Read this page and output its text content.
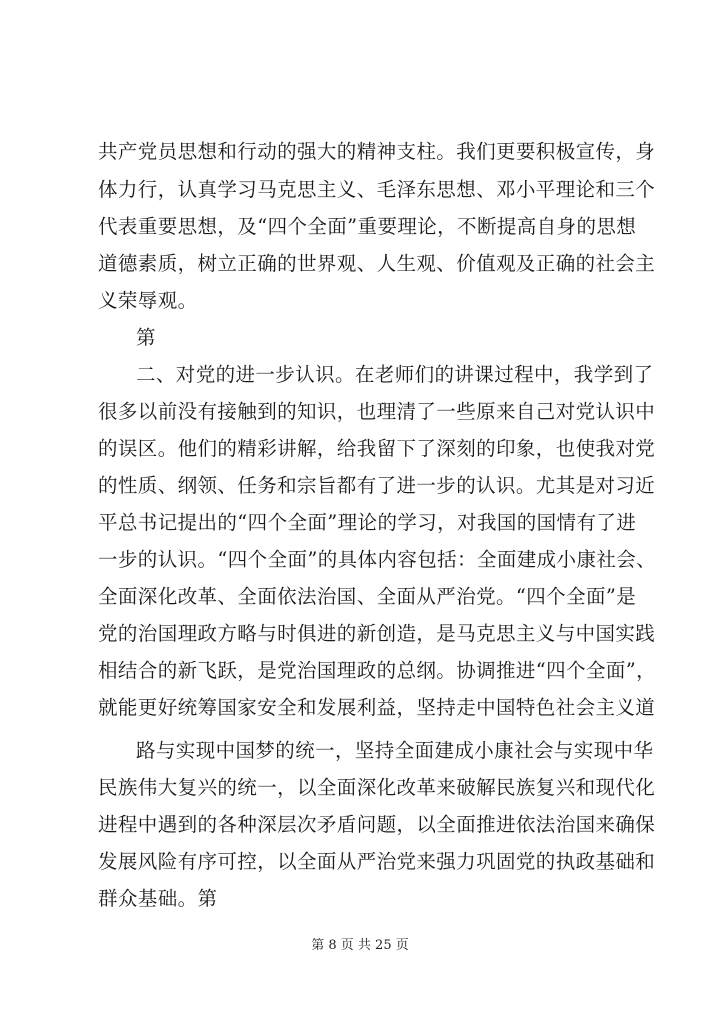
共产党员思想和行动的强大的精神支柱。我们更要积极宣传，身
体力行，认真学习马克思主义、毛泽东思想、邓小平理论和三个
代表重要思想，及“四个全面”重要理论，不断提高自身的思想
道德素质，树立正确的世界观、人生观、价值观及正确的社会主
义荣辱观。
第
二、对党的进一步认识。在老师们的讲课过程中，我学到了
很多以前没有接触到的知识，也理清了一些原来自己对党认识中
的误区。他们的精彩讲解，给我留下了深刻的印象，也使我对党
的性质、纲领、任务和宗旨都有了进一步的认识。尤其是对习近
平总书记提出的“四个全面”理论的学习，对我国的国情有了进
一步的认识。“四个全面”的具体内容包括：全面建成小康社会、
全面深化改革、全面依法治国、全面从严治党。“四个全面”是
党的治国理政方略与时俱进的新创造，是马克思主义与中国实践
相结合的新飞跃，是党治国理政的总纲。协调推进“四个全面”，
就能更好统筹国家安全和发展利益，坚持走中国特色社会主义道
路与实现中国梦的统一，坚持全面建成小康社会与实现中华
民族伟大复兴的统一，以全面深化改革来破解民族复兴和现代化
进程中遇到的各种深层次矛盾问题，以全面推进依法治国来确保
发展风险有序可控，以全面从严治党来强力巩固党的执政基础和
群众基础。第
第 8 页 共 25 页
